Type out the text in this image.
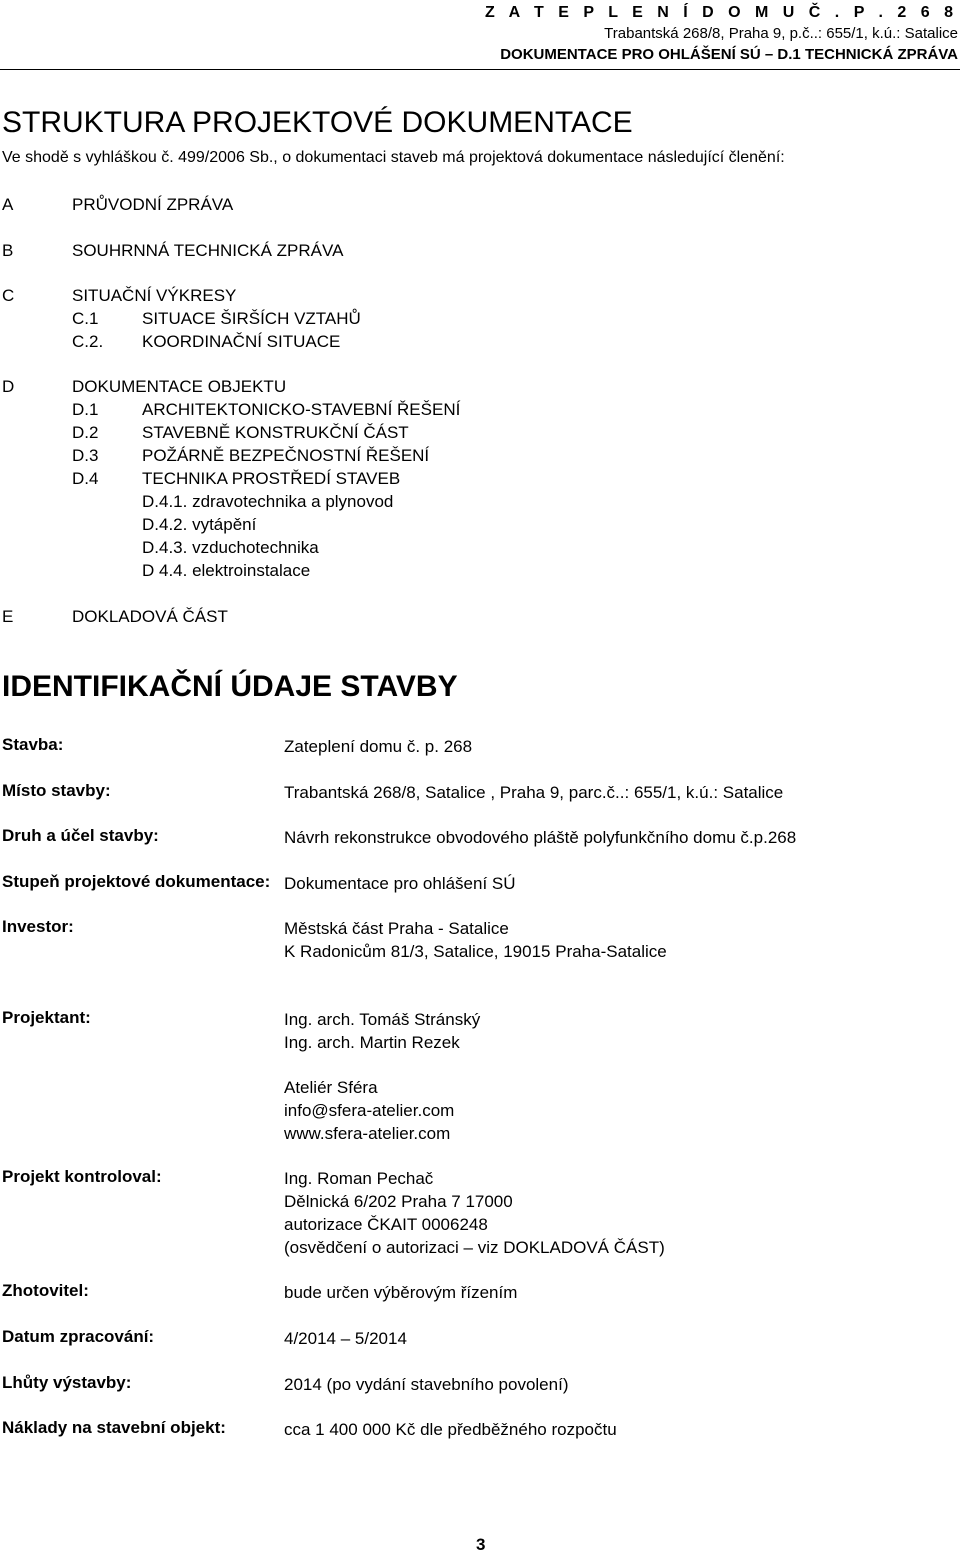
Z A T E P L E N Í D O M U Č . P . 2 6 8
Trabantská 268/8, Praha 9, p.č..: 655/1, k.ú.: Satalice
DOKUMENTACE PRO OHLÁŠENÍ SÚ – D.1 TECHNICKÁ ZPRÁVA
STRUKTURA PROJEKTOVÉ DOKUMENTACE
Ve shodě s vyhláškou č. 499/2006 Sb., o dokumentaci staveb má projektová dokumentace následující členění:
A	PRŮVODNÍ ZPRÁVA
B	SOUHRNNÁ TECHNICKÁ ZPRÁVA
C	SITUAČNÍ VÝKRESY
C.1	SITUACE ŠIRŠÍCH VZTAHŮ
C.2. KOORDINAČNÍ SITUACE
D	DOKUMENTACE OBJEKTU
D.1	ARCHITEKTONICKO-STAVEBNÍ ŘEŠENÍ
D.2	STAVEBNĚ KONSTRUKČNÍ ČÁST
D.3	POŽÁRNĚ BEZPEČNOSTNÍ ŘEŠENÍ
D.4	TECHNIKA PROSTŘEDÍ STAVEB
D.4.1. zdravotechnika a plynovod
D.4.2. vytápění
D.4.3. vzduchotechnika
D 4.4. elektroinstalace
E	DOKLADOVÁ ČÁST
IDENTIFIKAČNÍ ÚDAJE STAVBY
Stavba:	Zateplení domu č. p. 268
Místo stavby:	Trabantská 268/8, Satalice , Praha 9, parc.č..: 655/1, k.ú.: Satalice
Druh a účel stavby:	Návrh rekonstrukce obvodového pláště polyfunkčního domu č.p.268
Stupeň projektové dokumentace: Dokumentace pro ohlášení SÚ
Investor:	Městská část Praha - Satalice
K Radonicům 81/3, Satalice, 19015 Praha-Satalice
Projektant:	Ing. arch. Tomáš Stránský
Ing. arch. Martin Rezek
Ateliér Sféra
info@sfera-atelier.com
www.sfera-atelier.com
Projekt kontroloval:	Ing. Roman Pechač
Dělnická 6/202 Praha 7 17000
autorizace ČKAIT 0006248
(osvědčení o autorizaci – viz DOKLADOVÁ ČÁST)
Zhotovitel:	bude určen výběrovým řízením
Datum zpracování:	4/2014 – 5/2014
Lhůty výstavby:	2014 (po vydání stavebního povolení)
Náklady na stavební objekt:	cca 1 400 000 Kč dle předběžného rozpočtu
3
